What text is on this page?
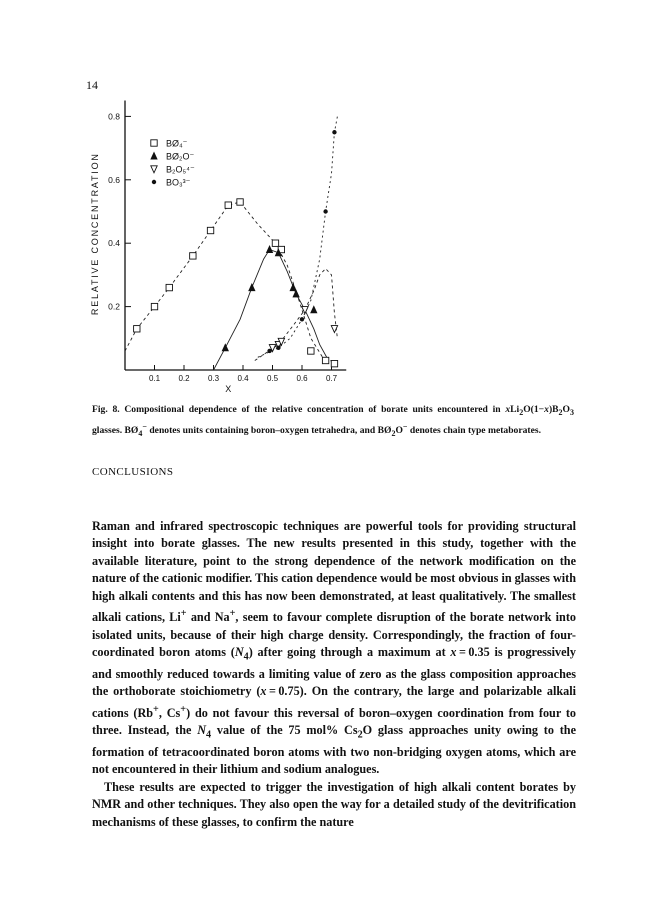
14
0.2
0.4
0.6
0.8
0.1 0.2 0.3 0.4 0.5 0.6 0.7
X
RELATIVE CONCENTRATION
BØ₄⁻
BØ₂O⁻
B₂O₅⁴⁻
BO₃³⁻
Fig. 8. Compositional dependence of the relative concentration of borate units encountered in $xLi_2O(1-x)B_2O_3$ glasses. $BØ_4^-$ denotes units containing boron–oxygen tetrahedra, and $BØ_2O^-$ denotes chain type metaborates.
CONCLUSIONS

Raman and infrared spectroscopic techniques are powerful tools for providing structural insight into borate glasses. The new results presented in this study, together with the available literature, point to the strong dependence of the network modification on the nature of the cationic modifier. This cation dependence would be most obvious in glasses with high alkali contents and this has now been demonstrated, at least qualitatively. The smallest alkali cations, Li+ and Na+, seem to favour complete disruption of the borate network into isolated units, because of their high charge density. Correspondingly, the fraction of four-coordinated boron atoms $(N_4)$ after going through a maximum at x = 0.35 is progressively and smoothly reduced towards a limiting value of zero as the glass composition approaches the orthoborate stoichiometry (x = 0.75). On the contrary, the large and polarizable alkali cations (Rb+, Cs+) do not favour this reversal of boron–oxygen coordination from four to three. Instead, the $N_4$ value of the 75 mol% $Cs_2O$ glass approaches unity owing to the formation of tetracoordinated boron atoms with two non-bridging oxygen atoms, which are not encountered in their lithium and sodium analogues.

These results are expected to trigger the investigation of high alkali content borates by NMR and other techniques. They also open the way for a detailed study of the devitrification mechanisms of these glasses, to confirm the nature
